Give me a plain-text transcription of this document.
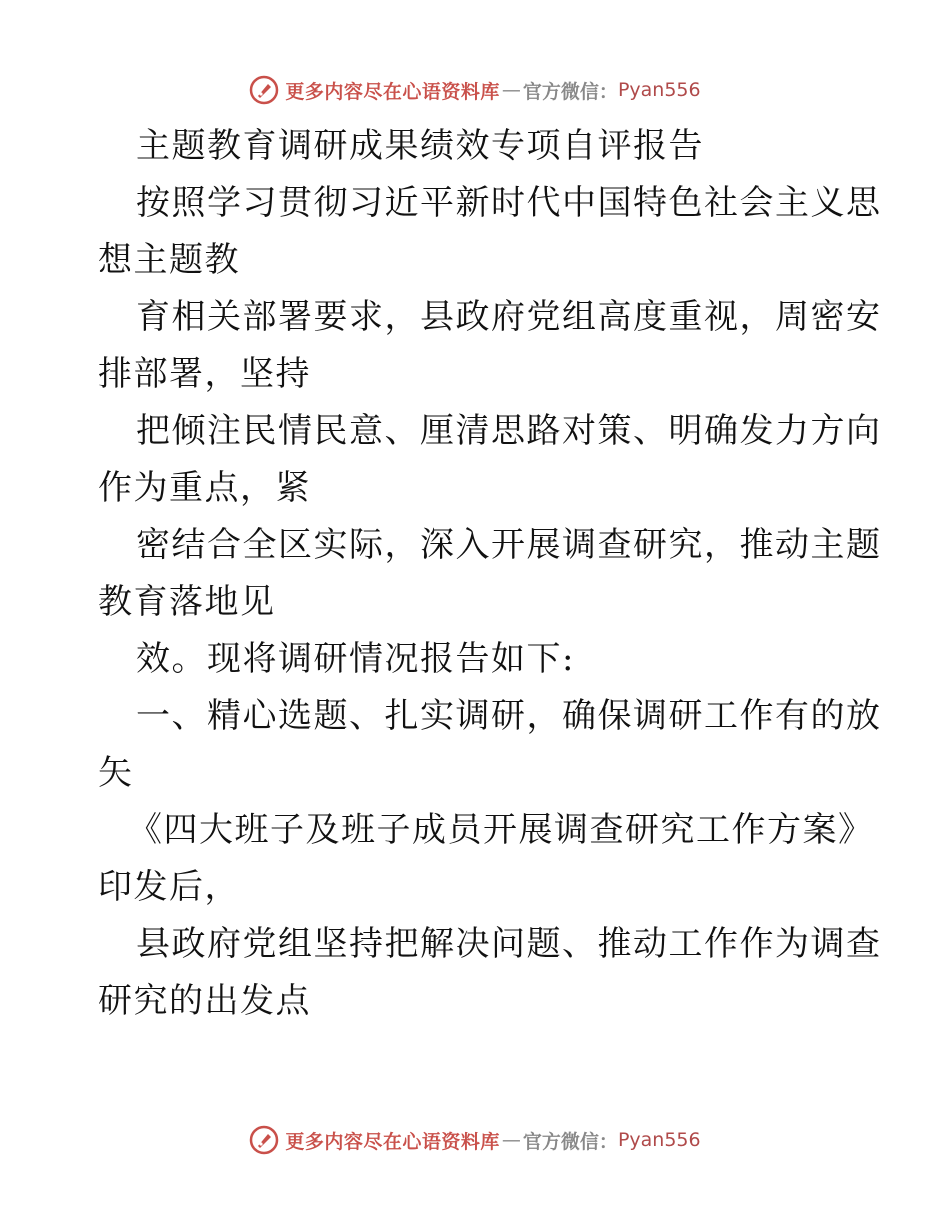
更多内容尽在心语资料库 — 官方微信： Pyan556
主题教育调研成果绩效专项自评报告
按照学习贯彻习近平新时代中国特色社会主义思
想主题教
育相关部署要求，县政府党组高度重视，周密安
排部署，坚持
把倾注民情民意、厘清思路对策、明确发力方向
作为重点，紧
密结合全区实际，深入开展调查研究，推动主题
教育落地见
效。现将调研情况报告如下:
一、精心选题、扎实调研，确保调研工作有的放
矢
《四大班子及班子成员开展调查研究工作方案》
印发后，
县政府党组坚持把解决问题、推动工作作为调查
研究的出发点
更多内容尽在心语资料库 — 官方微信： Pyan556
